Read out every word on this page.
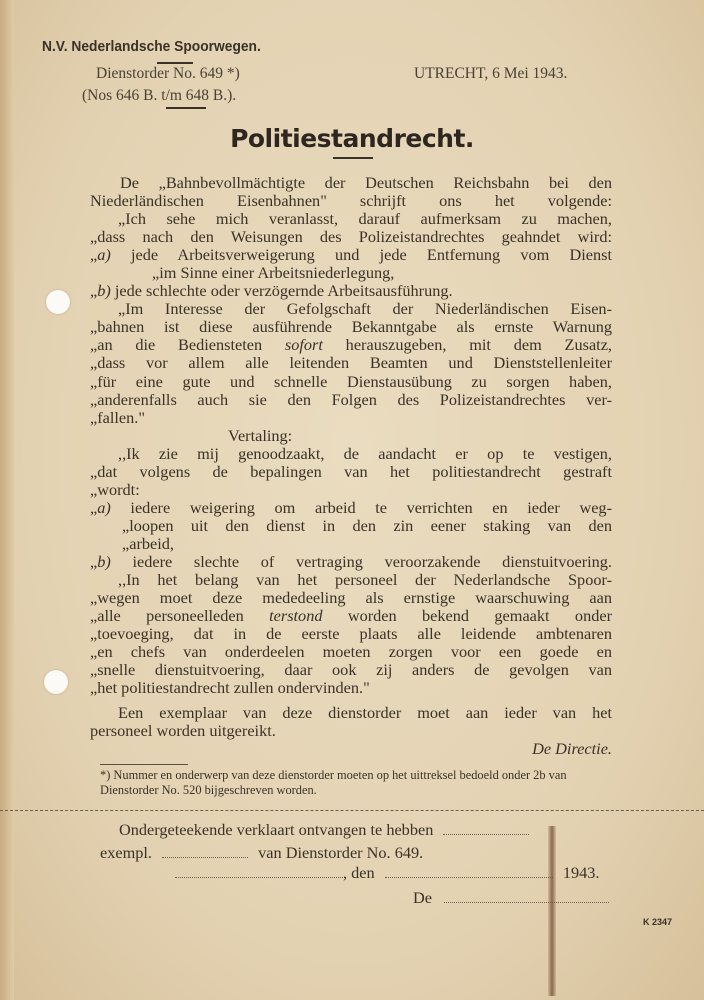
N.V. Nederlandsche Spoorwegen.
Dienstorder No. 649 *)	UTRECHT, 6 Mei 1943.
(Nos 646 B. t/m 648 B.).
Politiestandrecht.
De „Bahnbevollmächtigte der Deutschen Reichsbahn bei den
Niederländischen Eisenbahnen" schrijft ons het volgende:
„Ich sehe mich veranlasst, darauf aufmerksam zu machen,
„dass nach den Weisungen des Polizeistandrechtes geahndet wird:
„a) jede Arbeitsverweigerung und jede Entfernung vom Dienst
„im Sinne einer Arbeitsniederlegung,
„b) jede schlechte oder verzögernde Arbeitsausführung.
„Im Interesse der Gefolgschaft der Niederländischen Eisen-
„bahnen ist diese ausführende Bekanntgabe als ernste Warnung
„an die Bediensteten sofort herauszugeben, mit dem Zusatz,
„dass vor allem alle leitenden Beamten und Dienststellenleiter
„für eine gute und schnelle Dienstausübung zu sorgen haben,
„anderenfalls auch sie den Folgen des Polizeistandrechtes ver-
„fallen."
Vertaling:
,,Ik zie mij genoodzaakt, de aandacht er op te vestigen,
„dat volgens de bepalingen van het politiestandrecht gestraft
„wordt:
„a) iedere weigering om arbeid te verrichten en ieder weg-
„loopen uit den dienst in den zin eener staking van den
„arbeid,
„b) iedere slechte of vertraging veroorzakende dienstuitvoering.
,,In het belang van het personeel der Nederlandsche Spoor-
„wegen moet deze mededeeling als ernstige waarschuwing aan
„alle personeelleden terstond worden bekend gemaakt onder
„toevoeging, dat in de eerste plaats alle leidende ambtenaren
„en chefs van onderdeelen moeten zorgen voor een goede en
„snelle dienstuitvoering, daar ook zij anders de gevolgen van
„het politiestandrecht zullen ondervinden."
Een exemplaar van deze dienstorder moet aan ieder van het
personeel worden uitgereikt.
De Directie.
*) Nummer en onderwerp van deze dienstorder moeten op het uittreksel bedoeld onder 2b van Dienstorder No. 520 bijgeschreven worden.
Ondergeteekende verklaart ontvangen te hebben
exempl.	van Dienstorder No. 649.
, den	1943.
De
K 2347
